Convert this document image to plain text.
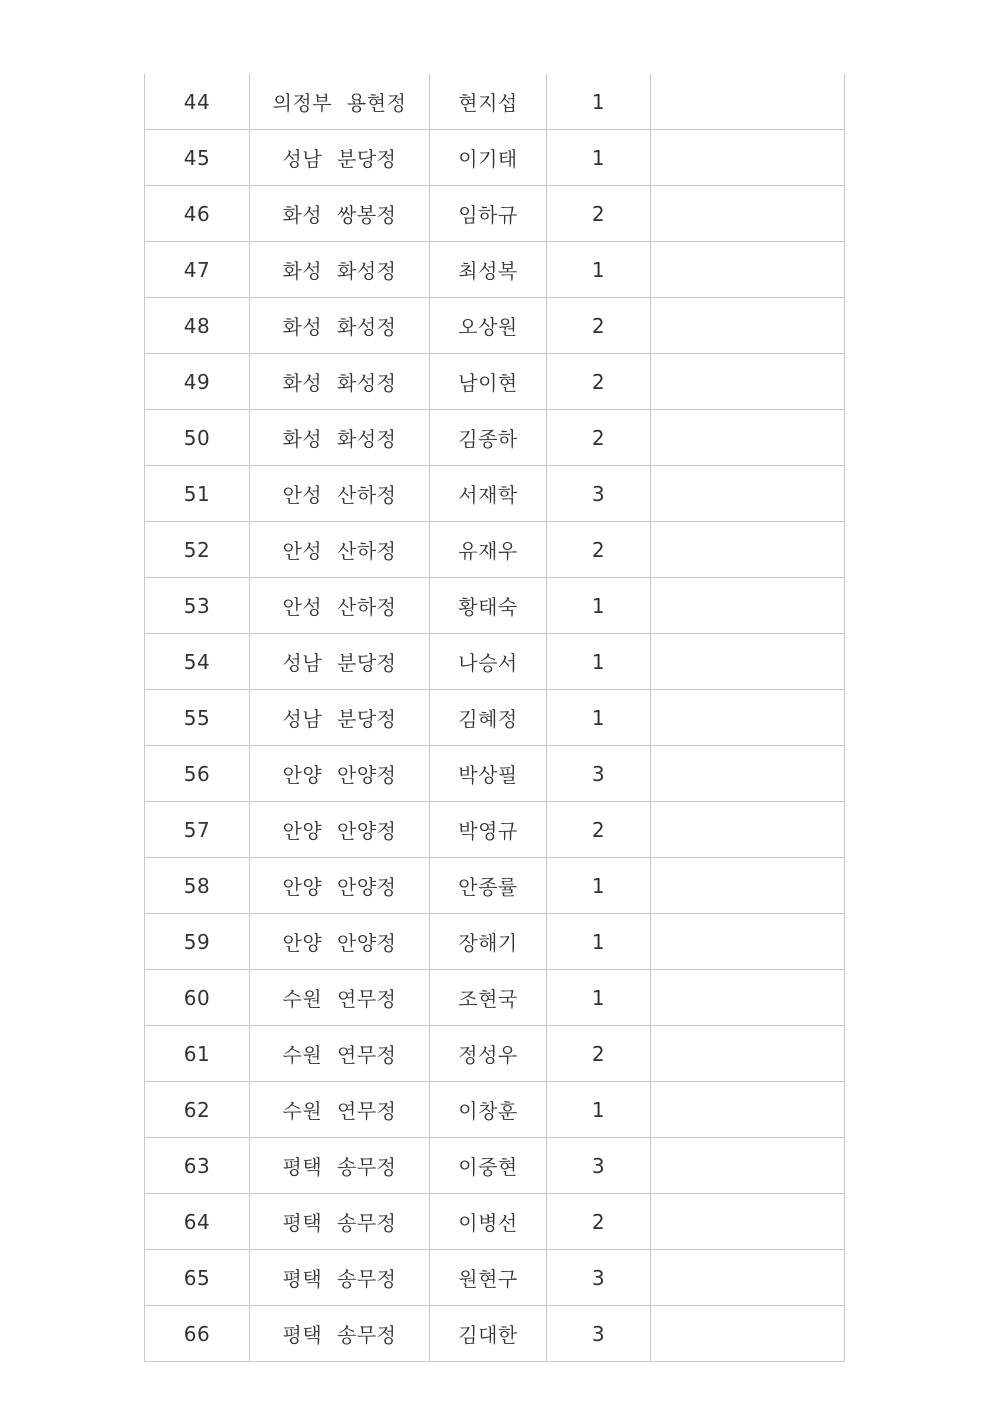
44	의정부 용현정	현지섭	1	
45	성남 분당정	이기태	1	
46	화성 쌍봉정	임하규	2	
47	화성 화성정	최성복	1	
48	화성 화성정	오상원	2	
49	화성 화성정	남이현	2	
50	화성 화성정	김종하	2	
51	안성 산하정	서재학	3	
52	안성 산하정	유재우	2	
53	안성 산하정	황태숙	1	
54	성남 분당정	나승서	1	
55	성남 분당정	김혜정	1	
56	안양 안양정	박상필	3	
57	안양 안양정	박영규	2	
58	안양 안양정	안종률	1	
59	안양 안양정	장해기	1	
60	수원 연무정	조현국	1	
61	수원 연무정	정성우	2	
62	수원 연무정	이창훈	1	
63	평택 송무정	이중현	3	
64	평택 송무정	이병선	2	
65	평택 송무정	원현구	3	
66	평택 송무정	김대한	3	
